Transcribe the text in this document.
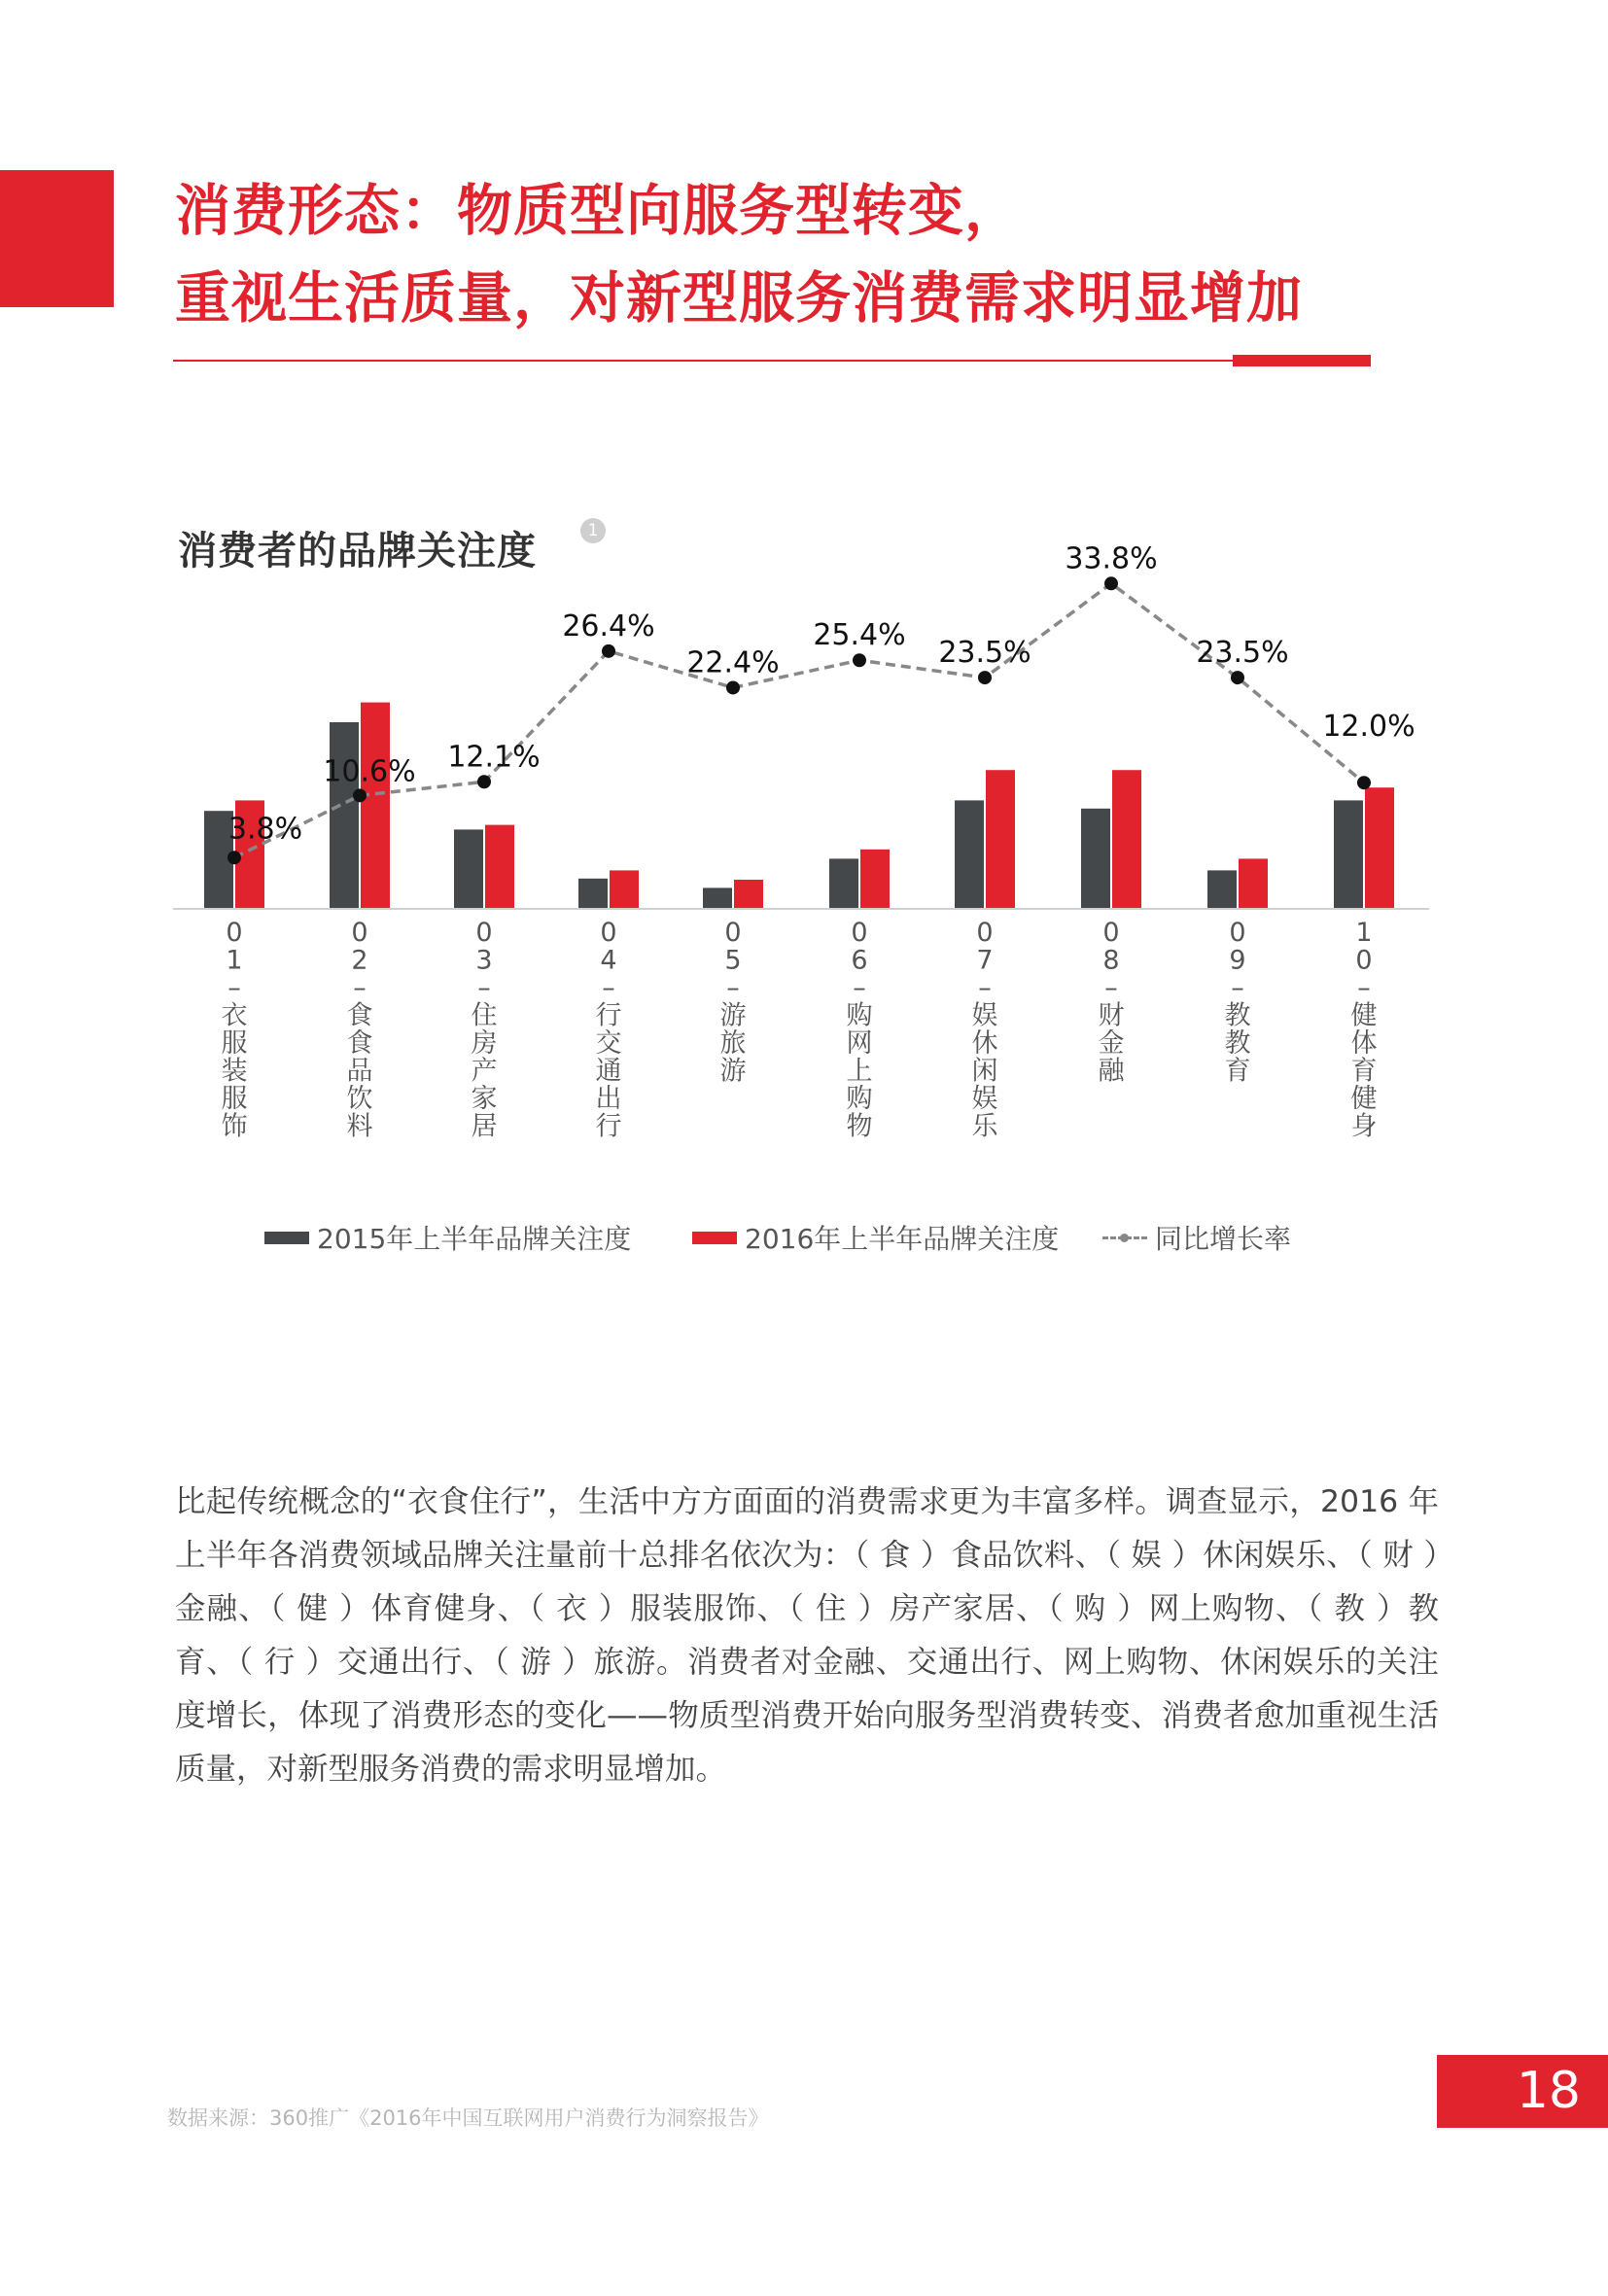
消费形态：物质型向服务型转变，
重视生活质量，对新型服务消费需求明显增加
消费者的品牌关注度	1
3.8%
10.6% 12.1%
26.4%
22.4%
25.4%
23.5%
33.8%
23.5%
12.0%
0
1
–
衣
服
装
服
饰
0
2
–
食
食
品
饮
料
0
3
–
住
房
产
家
居
0
4
–
行
交
通
出
行
0
5
–
游
旅
游
0
6
–
购
网
上
购
物
0
7
–
娱
休
闲
娱
乐
0
8
–
财
金
融
0
9
–
教
教
育
1
0
–
健
体
育
健
身
2015年上半年品牌关注度	2016年上半年品牌关注度	同比增长率

比起传统概念的“衣食住行”，生活中方方面面的消费需求更为丰富多样。调查显示，2016 年上半年各消费领域品牌关注量前十总排名依次为：（ 食 ）食品饮料、（ 娱 ）休闲娱乐、（ 财 ）金融、（ 健 ）体育健身、（ 衣 ）服装服饰、（ 住 ）房产家居、（ 购 ）网上购物、（ 教 ）教育、（ 行 ）交通出行、（ 游 ）旅游。消费者对金融、交通出行、网上购物、休闲娱乐的关注度增长，体现了消费形态的变化——物质型消费开始向服务型消费转变、消费者愈加重视生活质量，对新型服务消费的需求明显增加。

数据来源：360推广《2016年中国互联网用户消费行为洞察报告》	18
